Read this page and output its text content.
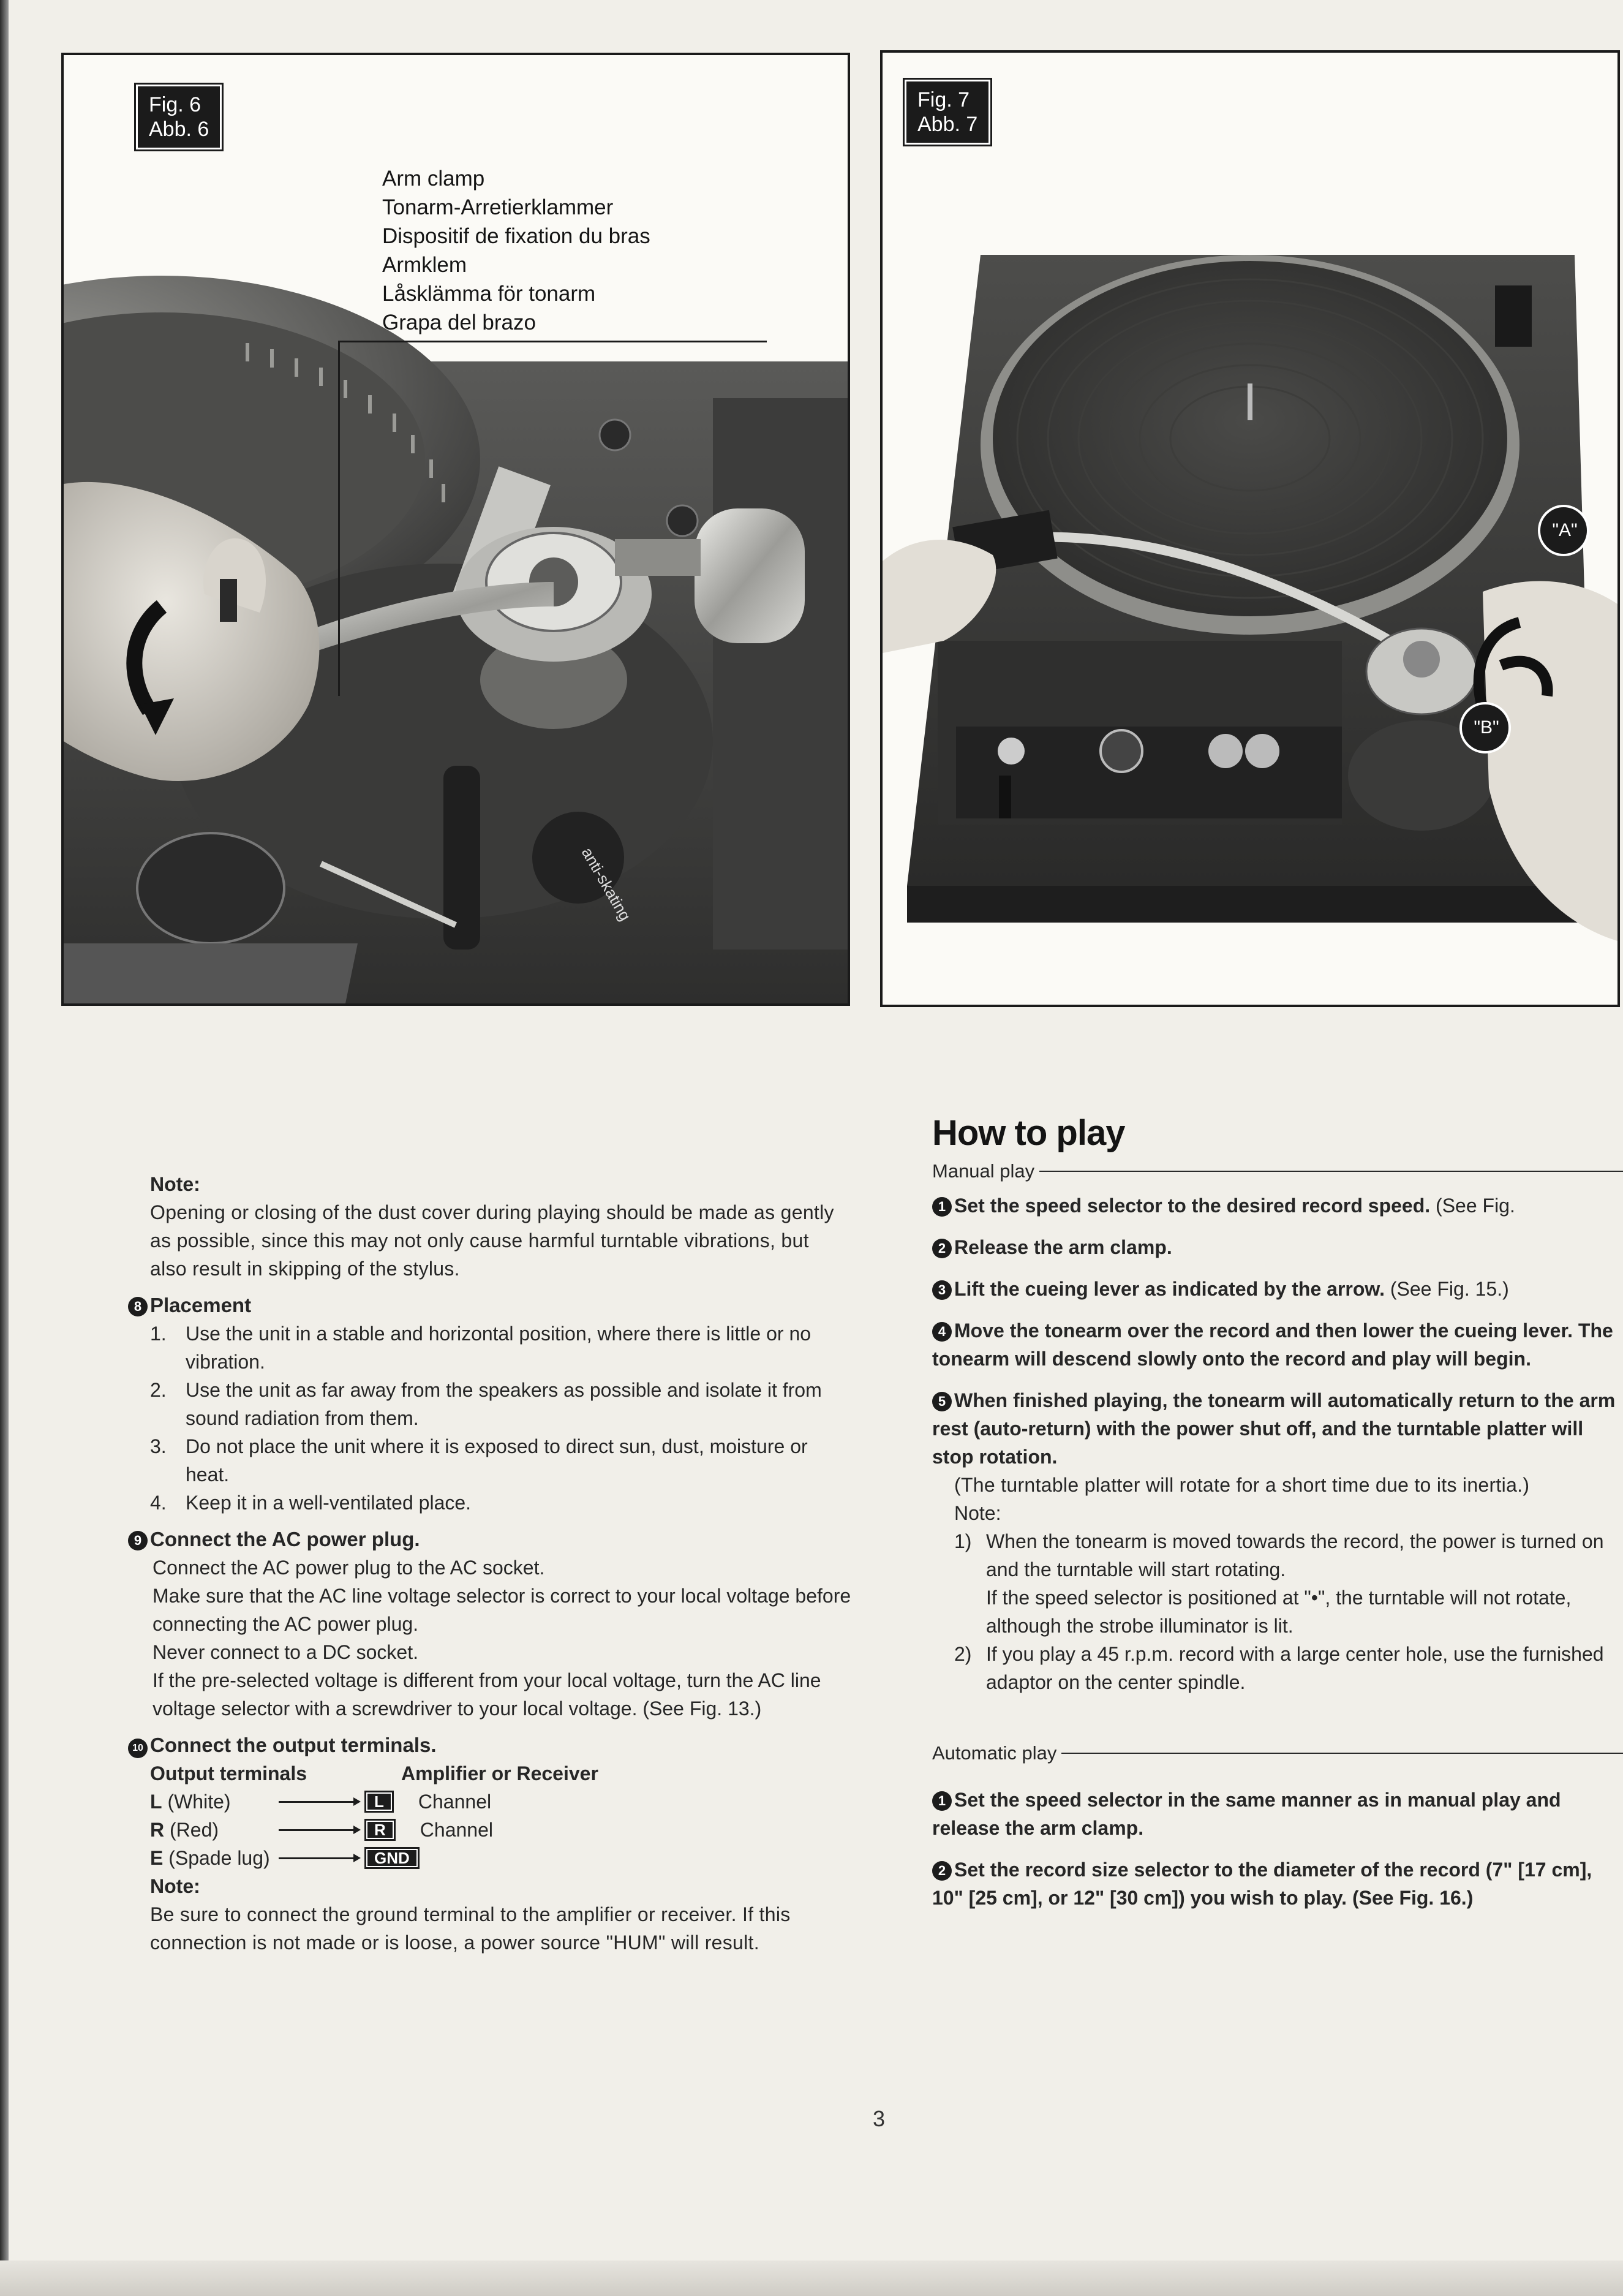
anti-skating
Fig. 6
Abb. 6
Arm clamp
Tonarm-Arretierklammer
Dispositif de fixation du bras
Armklem
Låsklämma för tonarm
Grapa del brazo
Fig. 7
Abb. 7
"A"
"B"

Note:

Opening or closing of the dust cover during playing should be made as gently as possible, since this may not only cause harmful turntable vibrations, but also result in skipping of the stylus.

8 Placement
1. Use the unit in a stable and horizontal position, where there is little or no vibration.
2. Use the unit as far away from the speakers as possible and isolate it from sound radiation from them.
3. Do not place the unit where it is exposed to direct sun, dust, moisture or heat.
4. Keep it in a well-ventilated place.
9 Connect the AC power plug.
Connect the AC power plug to the AC socket.
Make sure that the AC line voltage selector is correct to your local voltage before connecting the AC power plug.
Never connect to a DC socket.
If the pre-selected voltage is different from your local voltage, turn the AC line voltage selector with a screwdriver to your local voltage. (See Fig. 13.)
10 Connect the output terminals.
Output terminals	Amplifier or Receiver
L (White)	L	Channel
R (Red)	R	Channel
E (Spade lug)	GND

Note:

Be sure to connect the ground terminal to the amplifier or receiver. If this connection is not made or is loose, a power source "HUM" will result.

How to play
Manual play

1 Set the speed selector to the desired record speed. (See Fig.

2 Release the arm clamp.

3 Lift the cueing lever as indicated by the arrow. (See Fig. 15.)

4 Move the tonearm over the record and then lower the cueing lever. The tonearm will descend slowly onto the record and play will begin.

5 When finished playing, the tonearm will automatically return to the arm rest (auto-return) with the power shut off, and the turntable platter will stop rotation.

(The turntable platter will rotate for a short time due to its inertia.)

Note:

1) When the tonearm is moved towards the record, the power is turned on and the turntable will start rotating.
If the speed selector is positioned at "•", the turntable will not rotate, although the strobe illuminator is lit.
2) If you play a 45 r.p.m. record with a large center hole, use the furnished adaptor on the center spindle.
Automatic play

1 Set the speed selector in the same manner as in manual play and release the arm clamp.

2 Set the record size selector to the diameter of the record (7" [17 cm], 10" [25 cm], or 12" [30 cm]) you wish to play. (See Fig. 16.)

3
